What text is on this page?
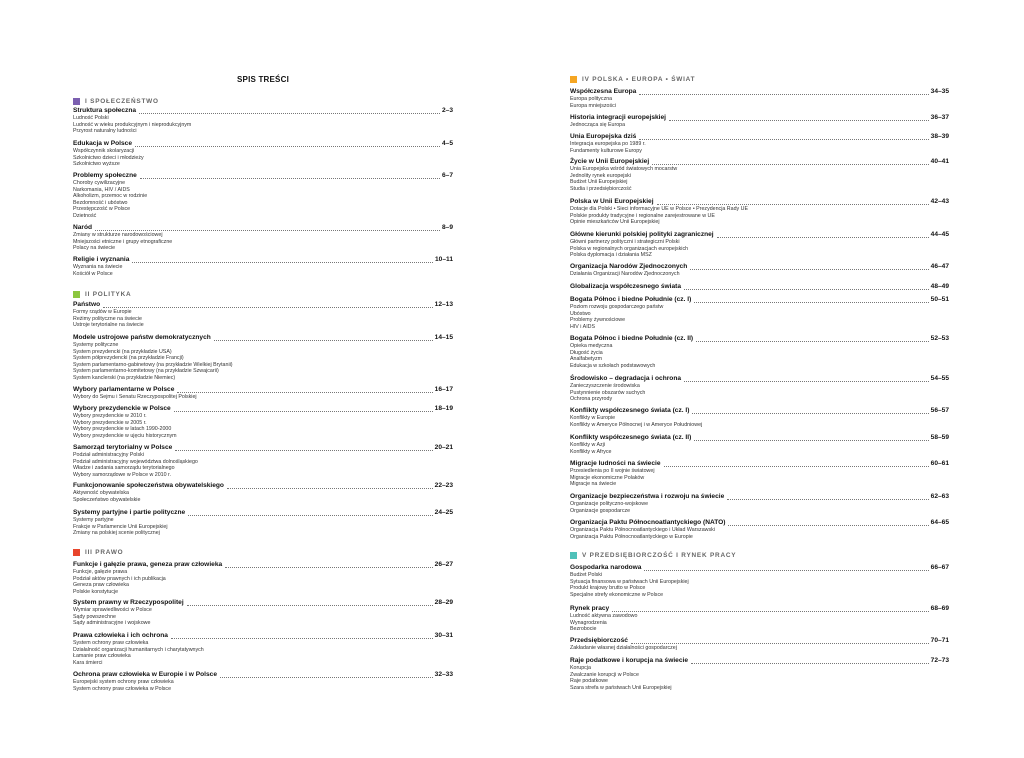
SPIS TREŚCI
I SPOŁECZEŃSTWO
Struktura społeczna	2–3
Ludność Polski
Ludność w wieku produkcyjnym i nieprodukcyjnym
Przyrost naturalny ludności
Edukacja w Polsce	4–5
Współczynnik skolaryzacji
Szkolnictwo dzieci i młodzieży
Szkolnictwo wyższe
Problemy społeczne	6–7
Choroby cywilizacyjne
Narkomania, HIV / AIDS
Alkoholizm, przemoc w rodzinie
Bezdomność i ubóstwo
Przestępczość w Polsce
Dzietność
Naród	8–9
Zmiany w strukturze narodowościowej
Mniejszości etniczne i grupy etnograficzne
Polacy na świecie
Religie i wyznania	10–11
Wyznania na świecie
Kościół w Polsce
II POLITYKA
Państwo	12–13
Formy rządów w Europie
Reżimy polityczne na świecie
Ustroje terytorialne na świecie
Modele ustrojowe państw demokratycznych	14–15
Systemy polityczne
System prezydencki (na przykładzie USA)
System półprezydencki (na przykładzie Francji)
System parlamentarno-gabinetowy (na przykładzie Wielkiej Brytanii)
System parlamentarno-komitetowy (na przykładzie Szwajcarii)
System kanclerski (na przykładzie Niemiec)
Wybory parlamentarne w Polsce	16–17
Wybory do Sejmu i Senatu Rzeczypospolitej Polskiej
Wybory prezydenckie w Polsce	18–19
Wybory prezydenckie w 2010 r.
Wybory prezydenckie w 2005 r.
Wybory prezydenckie w latach 1990-2000
Wybory prezydenckie w ujęciu historycznym
Samorząd terytorialny w Polsce	20–21
Podział administracyjny Polski
Podział administracyjny województwa dolnośląskiego
Władze i zadania samorządu terytorialnego
Wybory samorządowe w Polsce w 2010 r.
Funkcjonowanie społeczeństwa obywatelskiego	22–23
Aktywność obywatelska
Społeczeństwo obywatelskie
Systemy partyjne i partie polityczne	24–25
Systemy partyjne
Frakcje w Parlamencie Unii Europejskiej
Zmiany na polskiej scenie politycznej
III PRAWO
Funkcje i gałęzie prawa, geneza praw człowieka	26–27
Funkcje, gałęzie prawa
Podział aktów prawnych i ich publikacja
Geneza praw człowieka
Polskie konstytucje
System prawny w Rzeczypospolitej	28–29
Wymiar sprawiedliwości w Polsce
Sądy powszechne
Sądy administracyjne i wojskowe
Prawa człowieka i ich ochrona	30–31
System ochrony praw człowieka
Działalność organizacji humanitarnych i charytatywnych
Łamanie praw człowieka
Kara śmierci
Ochrona praw człowieka w Europie i w Polsce	32–33
Europejski system ochrony praw człowieka
System ochrony praw człowieka w Polsce
IV POLSKA • EUROPA • ŚWIAT
Współczesna Europa	34–35
Europa polityczna
Europa mniejszości
Historia integracji europejskiej	36–37
Jednocząca się Europa
Unia Europejska dziś	38–39
Integracja europejska po 1989 r.
Fundamenty kulturowe Europy
Życie w Unii Europejskiej	40–41
Unia Europejska wśród światowych mocarstw
Jednolity rynek europejski
Budżet Unii Europejskiej
Studia i przedsiębiorczość
Polska w Unii Europejskiej	42–43
Dotacje dla Polski • Sieci informacyjne UE w Polsce • Prezydencja Rady UE
Polskie produkty tradycyjne i regionalne zarejestrowane w UE
Opinie mieszkańców Unii Europejskiej
Główne kierunki polskiej polityki zagranicznej	44–45
Główni partnerzy polityczni i strategiczni Polski
Polska w regionalnych organizacjach europejskich
Polska dyplomacja i działania MSZ
Organizacja Narodów Zjednoczonych	46–47
Działania Organizacji Narodów Zjednoczonych
Globalizacja współczesnego świata	48–49
Bogata Północ i biedne Południe (cz. I)	50–51
Poziom rozwoju gospodarczego państw
Ubóstwo
Problemy żywnościowe
HIV i AIDS
Bogata Północ i biedne Południe (cz. II)	52–53
Opieka medyczna
Długość życia
Analfabetyzm
Edukacja w szkołach podstawowych
Środowisko – degradacja i ochrona	54–55
Zanieczyszczenie środowiska
Pustynnienie obszarów suchych
Ochrona przyrody
Konflikty współczesnego świata (cz. I)	56–57
Konflikty w Europie
Konflikty w Ameryce Północnej i w Ameryce Południowej
Konflikty współczesnego świata (cz. II)	58–59
Konflikty w Azji
Konflikty w Afryce
Migracje ludności na świecie	60–61
Przesiedlenia po II wojnie światowej
Migracje ekonomiczne Polaków
Migracje na świecie
Organizacje bezpieczeństwa i rozwoju na świecie	62–63
Organizacje polityczno-wojskowe
Organizacje gospodarcze
Organizacja Paktu Północnoatlantyckiego (NATO)	64–65
Organizacja Paktu Północnoatlantyckiego i Układ Warszawski
Organizacja Paktu Północnoatlantyckiego w Europie
V PRZEDSIĘBIORCZOŚĆ I RYNEK PRACY
Gospodarka narodowa	66–67
Budżet Polski
Sytuacja finansowa w państwach Unii Europejskiej
Produkt krajowy brutto w Polsce
Specjalne strefy ekonomiczne w Polsce
Rynek pracy	68–69
Ludność aktywna zawodowo
Wynagrodzenia
Bezrobocie
Przedsiębiorczość	70–71
Zakładanie własnej działalności gospodarczej
Raje podatkowe i korupcja na świecie	72–73
Korupcja
Zwalczanie korupcji w Polsce
Raje podatkowe
Szara strefa w państwach Unii Europejskiej
